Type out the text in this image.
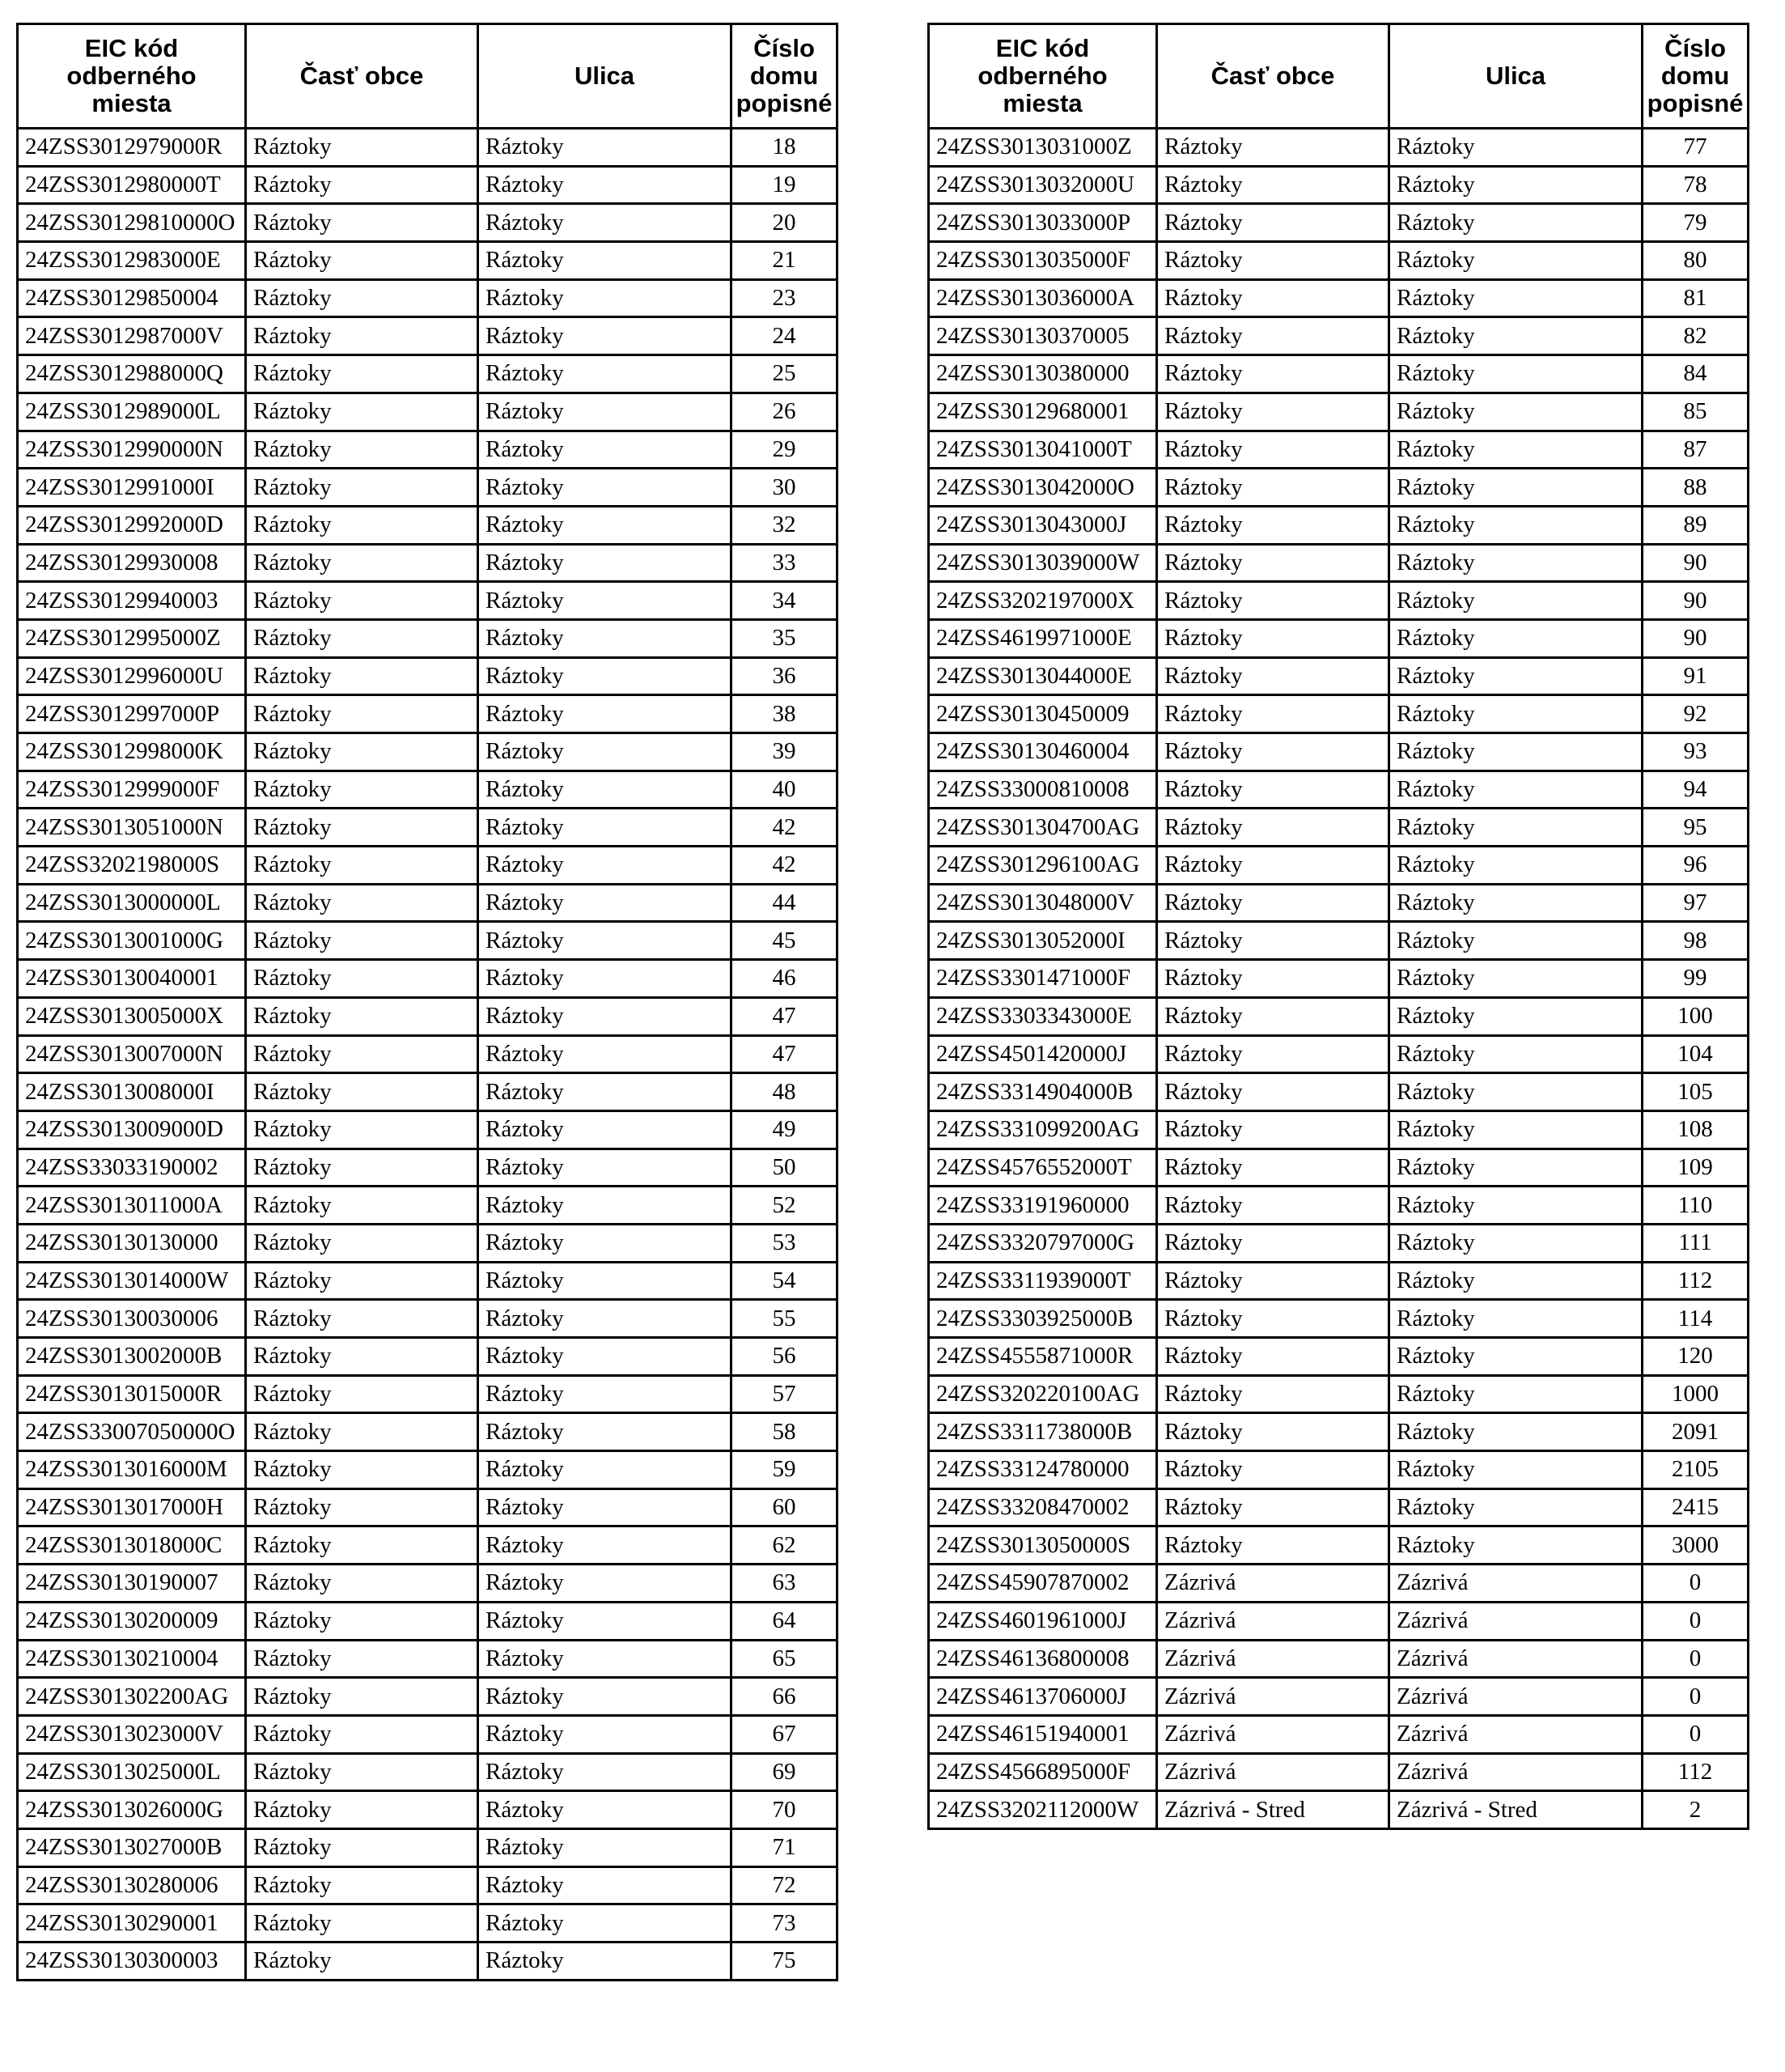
EIC kód
odberného
miesta	Časť obce	Ulica	Číslo
domu
popisné
24ZSS3012979000R	Ráztoky	Ráztoky	18
24ZSS3012980000T	Ráztoky	Ráztoky	19
24ZSS30129810000O	Ráztoky	Ráztoky	20
24ZSS3012983000E	Ráztoky	Ráztoky	21
24ZSS30129850004	Ráztoky	Ráztoky	23
24ZSS3012987000V	Ráztoky	Ráztoky	24
24ZSS3012988000Q	Ráztoky	Ráztoky	25
24ZSS3012989000L	Ráztoky	Ráztoky	26
24ZSS3012990000N	Ráztoky	Ráztoky	29
24ZSS3012991000I	Ráztoky	Ráztoky	30
24ZSS3012992000D	Ráztoky	Ráztoky	32
24ZSS30129930008	Ráztoky	Ráztoky	33
24ZSS30129940003	Ráztoky	Ráztoky	34
24ZSS3012995000Z	Ráztoky	Ráztoky	35
24ZSS3012996000U	Ráztoky	Ráztoky	36
24ZSS3012997000P	Ráztoky	Ráztoky	38
24ZSS3012998000K	Ráztoky	Ráztoky	39
24ZSS3012999000F	Ráztoky	Ráztoky	40
24ZSS3013051000N	Ráztoky	Ráztoky	42
24ZSS3202198000S	Ráztoky	Ráztoky	42
24ZSS3013000000L	Ráztoky	Ráztoky	44
24ZSS3013001000G	Ráztoky	Ráztoky	45
24ZSS30130040001	Ráztoky	Ráztoky	46
24ZSS3013005000X	Ráztoky	Ráztoky	47
24ZSS3013007000N	Ráztoky	Ráztoky	47
24ZSS3013008000I	Ráztoky	Ráztoky	48
24ZSS3013009000D	Ráztoky	Ráztoky	49
24ZSS33033190002	Ráztoky	Ráztoky	50
24ZSS3013011000A	Ráztoky	Ráztoky	52
24ZSS30130130000	Ráztoky	Ráztoky	53
24ZSS3013014000W	Ráztoky	Ráztoky	54
24ZSS30130030006	Ráztoky	Ráztoky	55
24ZSS3013002000B	Ráztoky	Ráztoky	56
24ZSS3013015000R	Ráztoky	Ráztoky	57
24ZSS33007050000O	Ráztoky	Ráztoky	58
24ZSS3013016000M	Ráztoky	Ráztoky	59
24ZSS3013017000H	Ráztoky	Ráztoky	60
24ZSS3013018000C	Ráztoky	Ráztoky	62
24ZSS30130190007	Ráztoky	Ráztoky	63
24ZSS30130200009	Ráztoky	Ráztoky	64
24ZSS30130210004	Ráztoky	Ráztoky	65
24ZSS301302200AG	Ráztoky	Ráztoky	66
24ZSS3013023000V	Ráztoky	Ráztoky	67
24ZSS3013025000L	Ráztoky	Ráztoky	69
24ZSS3013026000G	Ráztoky	Ráztoky	70
24ZSS3013027000B	Ráztoky	Ráztoky	71
24ZSS30130280006	Ráztoky	Ráztoky	72
24ZSS30130290001	Ráztoky	Ráztoky	73
24ZSS30130300003	Ráztoky	Ráztoky	75
EIC kód
odberného
miesta	Časť obce	Ulica	Číslo
domu
popisné
24ZSS3013031000Z	Ráztoky	Ráztoky	77
24ZSS3013032000U	Ráztoky	Ráztoky	78
24ZSS3013033000P	Ráztoky	Ráztoky	79
24ZSS3013035000F	Ráztoky	Ráztoky	80
24ZSS3013036000A	Ráztoky	Ráztoky	81
24ZSS30130370005	Ráztoky	Ráztoky	82
24ZSS30130380000	Ráztoky	Ráztoky	84
24ZSS30129680001	Ráztoky	Ráztoky	85
24ZSS3013041000T	Ráztoky	Ráztoky	87
24ZSS3013042000O	Ráztoky	Ráztoky	88
24ZSS3013043000J	Ráztoky	Ráztoky	89
24ZSS3013039000W	Ráztoky	Ráztoky	90
24ZSS3202197000X	Ráztoky	Ráztoky	90
24ZSS4619971000E	Ráztoky	Ráztoky	90
24ZSS3013044000E	Ráztoky	Ráztoky	91
24ZSS30130450009	Ráztoky	Ráztoky	92
24ZSS30130460004	Ráztoky	Ráztoky	93
24ZSS33000810008	Ráztoky	Ráztoky	94
24ZSS301304700AG	Ráztoky	Ráztoky	95
24ZSS301296100AG	Ráztoky	Ráztoky	96
24ZSS3013048000V	Ráztoky	Ráztoky	97
24ZSS3013052000I	Ráztoky	Ráztoky	98
24ZSS3301471000F	Ráztoky	Ráztoky	99
24ZSS3303343000E	Ráztoky	Ráztoky	100
24ZSS4501420000J	Ráztoky	Ráztoky	104
24ZSS3314904000B	Ráztoky	Ráztoky	105
24ZSS331099200AG	Ráztoky	Ráztoky	108
24ZSS4576552000T	Ráztoky	Ráztoky	109
24ZSS33191960000	Ráztoky	Ráztoky	110
24ZSS3320797000G	Ráztoky	Ráztoky	111
24ZSS3311939000T	Ráztoky	Ráztoky	112
24ZSS3303925000B	Ráztoky	Ráztoky	114
24ZSS4555871000R	Ráztoky	Ráztoky	120
24ZSS320220100AG	Ráztoky	Ráztoky	1000
24ZSS3311738000B	Ráztoky	Ráztoky	2091
24ZSS33124780000	Ráztoky	Ráztoky	2105
24ZSS33208470002	Ráztoky	Ráztoky	2415
24ZSS3013050000S	Ráztoky	Ráztoky	3000
24ZSS45907870002	Zázrivá	Zázrivá	0
24ZSS4601961000J	Zázrivá	Zázrivá	0
24ZSS46136800008	Zázrivá	Zázrivá	0
24ZSS4613706000J	Zázrivá	Zázrivá	0
24ZSS46151940001	Zázrivá	Zázrivá	0
24ZSS4566895000F	Zázrivá	Zázrivá	112
24ZSS3202112000W	Zázrivá - Stred	Zázrivá - Stred	2
